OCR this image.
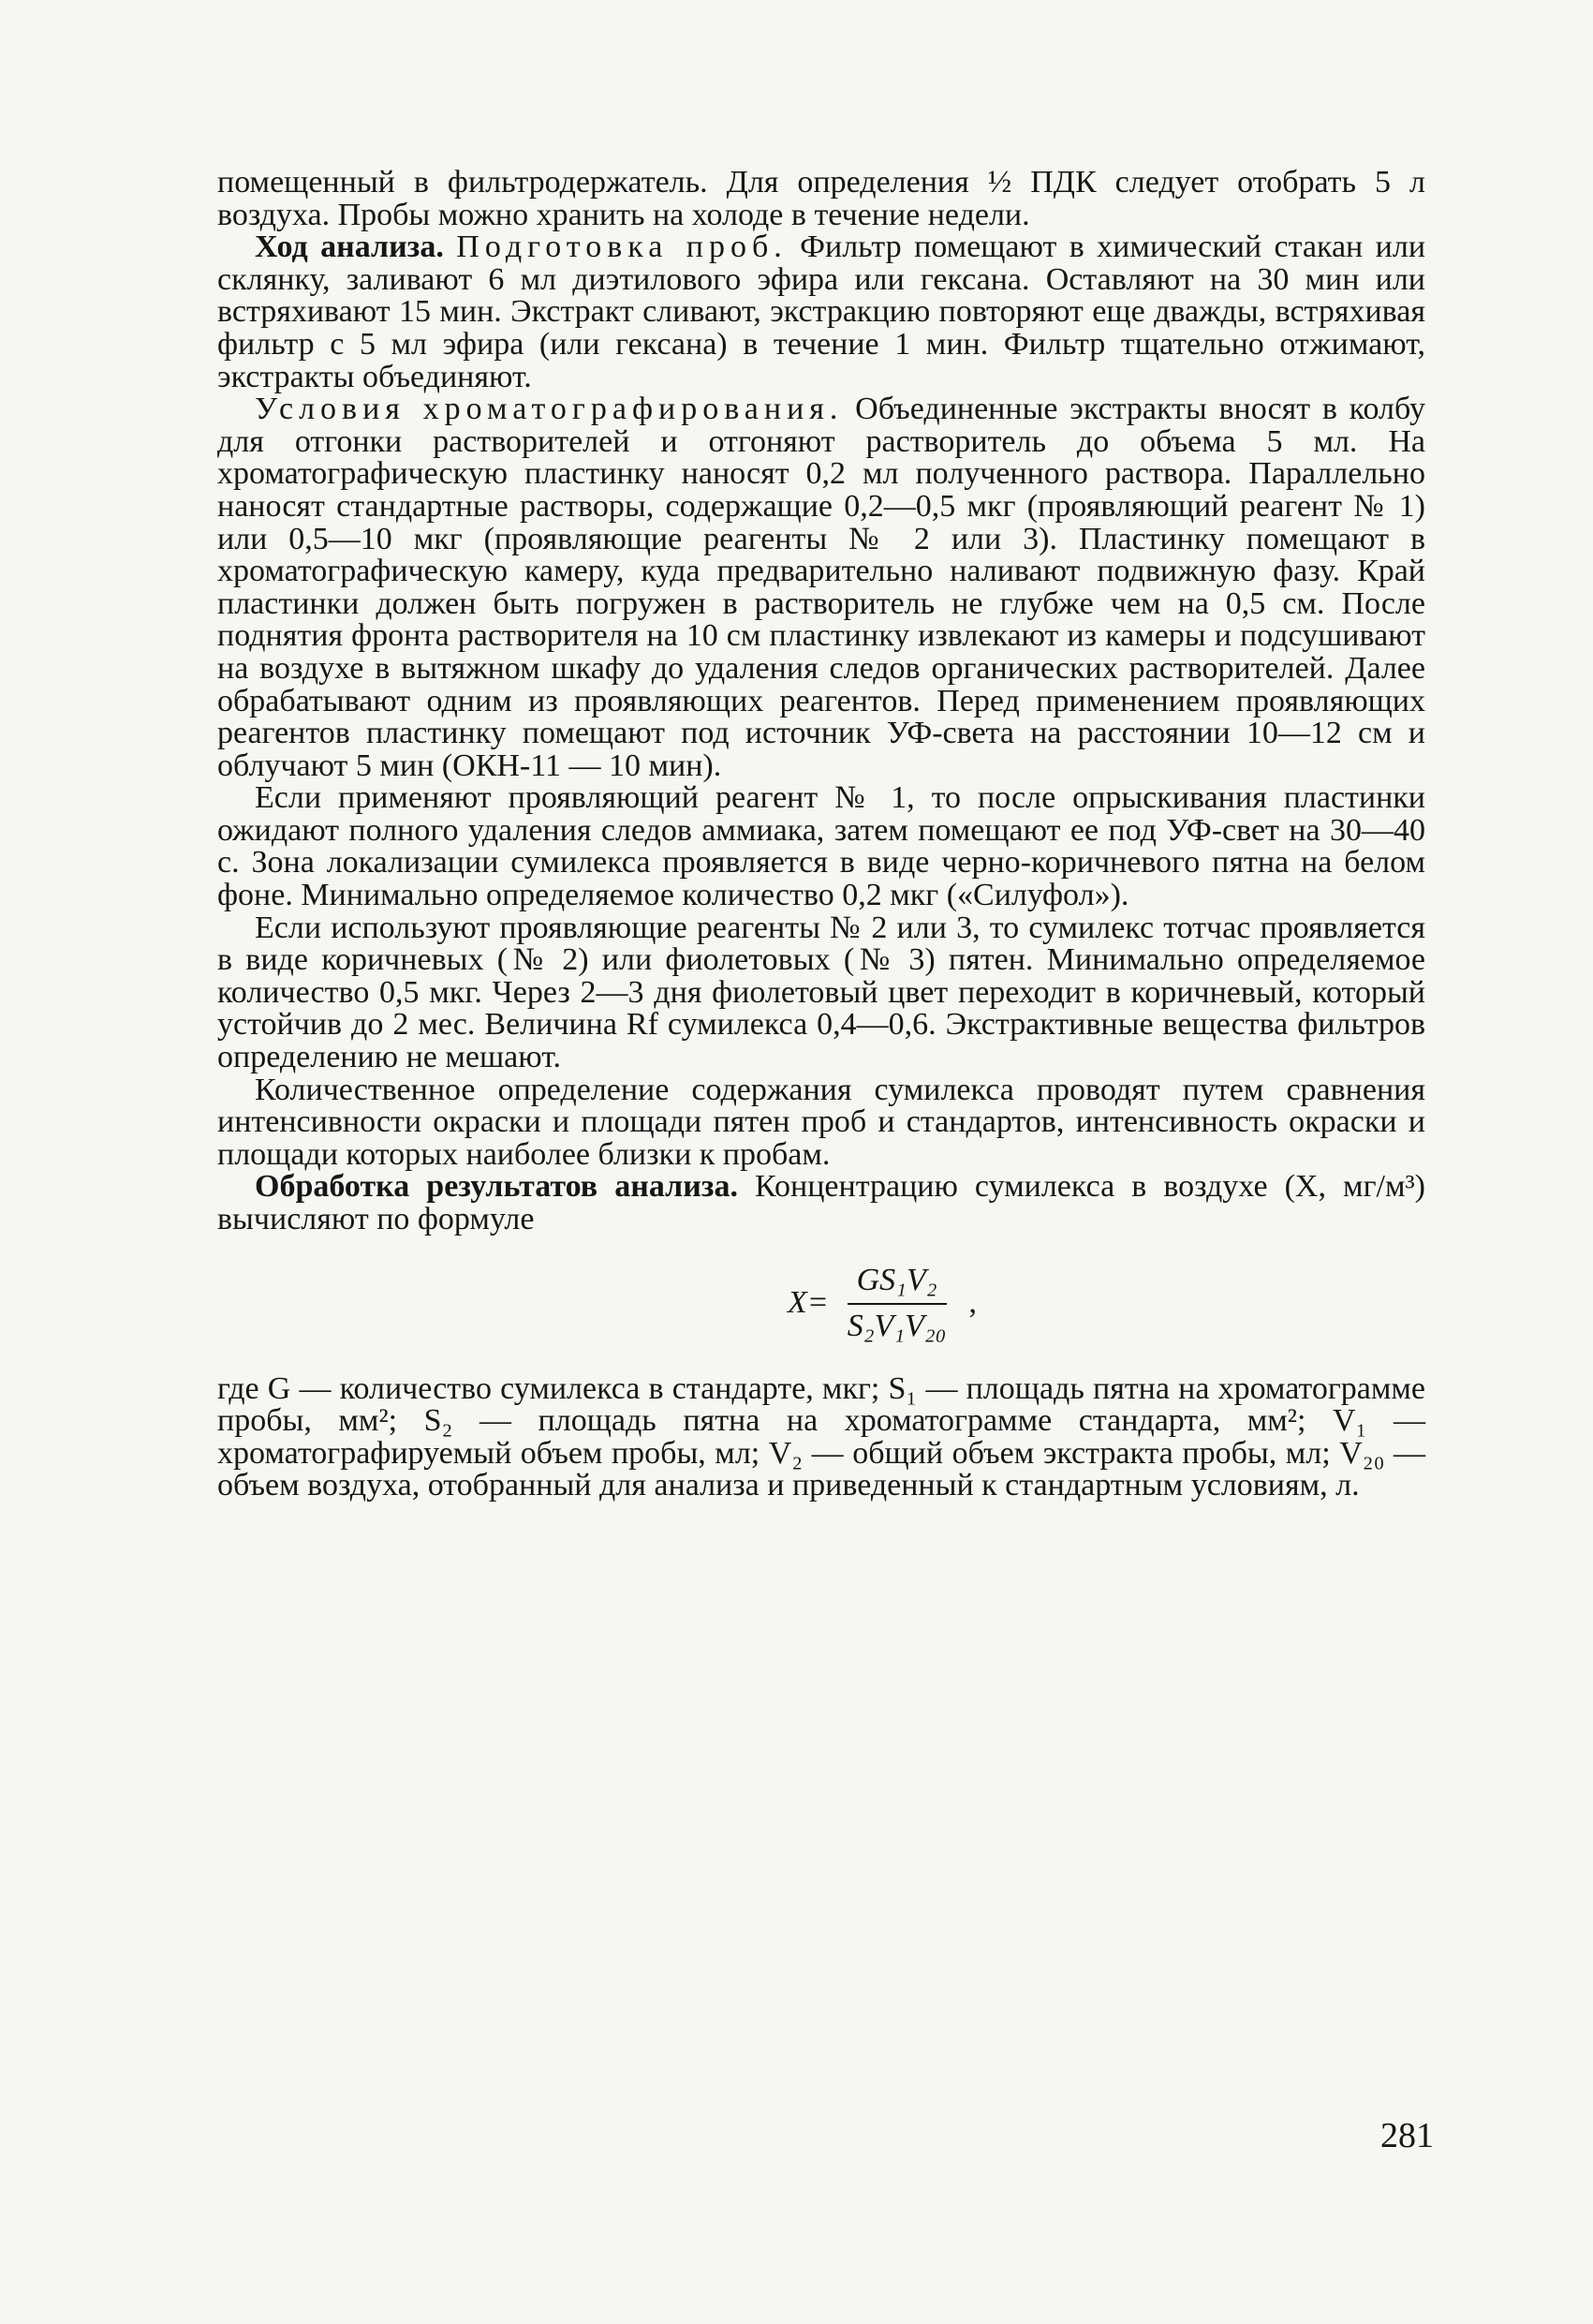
помещенный в фильтродержатель. Для определения ½ ПДК следует отобрать 5 л воздуха. Пробы можно хранить на холоде в течение недели.

Ход анализа. Подготовка проб. Фильтр помещают в химический стакан или склянку, заливают 6 мл диэтилового эфира или гексана. Оставляют на 30 мин или встряхивают 15 мин. Экстракт сливают, экстракцию повторяют еще дважды, встряхивая фильтр с 5 мл эфира (или гексана) в течение 1 мин. Фильтр тщательно отжимают, экстракты объединяют.

Условия хроматографирования. Объединенные экстракты вносят в колбу для отгонки растворителей и отгоняют растворитель до объема 5 мл. На хроматографическую пластинку наносят 0,2 мл полученного раствора. Параллельно наносят стандартные растворы, содержащие 0,2—0,5 мкг (проявляющий реагент № 1) или 0,5—10 мкг (проявляющие реагенты № 2 или 3). Пластинку помещают в хроматографическую камеру, куда предварительно наливают подвижную фазу. Край пластинки должен быть погружен в растворитель не глубже чем на 0,5 см. После поднятия фронта растворителя на 10 см пластинку извлекают из камеры и подсушивают на воздухе в вытяжном шкафу до удаления следов органических растворителей. Далее обрабатывают одним из проявляющих реагентов. Перед применением проявляющих реагентов пластинку помещают под источник УФ-света на расстоянии 10—12 см и облучают 5 мин (ОКН-11 — 10 мин).

Если применяют проявляющий реагент № 1, то после опрыскивания пластинки ожидают полного удаления следов аммиака, затем помещают ее под УФ-свет на 30—40 с. Зона локализации сумилекса проявляется в виде черно-коричневого пятна на белом фоне. Минимально определяемое количество 0,2 мкг («Силуфол»).

Если используют проявляющие реагенты № 2 или 3, то сумилекс тотчас проявляется в виде коричневых (№ 2) или фиолетовых (№ 3) пятен. Минимально определяемое количество 0,5 мкг. Через 2—3 дня фиолетовый цвет переходит в коричневый, который устойчив до 2 мес. Величина Rf сумилекса 0,4—0,6. Экстрактивные вещества фильтров определению не мешают.

Количественное определение содержания сумилекса проводят путем сравнения интенсивности окраски и площади пятен проб и стандартов, интенсивность окраски и площади которых наиболее близки к пробам.

Обработка результатов анализа. Концентрацию сумилекса в воздухе (X, мг/м³) вычисляют по формуле

$X= \frac{\text{GS₁V₂}}{\text{S₂V₁V₂₀}}$ ,

где G — количество сумилекса в стандарте, мкг; S₁ — площадь пятна на хроматограмме пробы, мм²; S₂ — площадь пятна на хроматограмме стандарта, мм²; V₁ — хроматографируемый объем пробы, мл; V₂ — общий объем экстракта пробы, мл; V₂₀ — объем воздуха, отобранный для анализа и приведенный к стандартным условиям, л.

281
